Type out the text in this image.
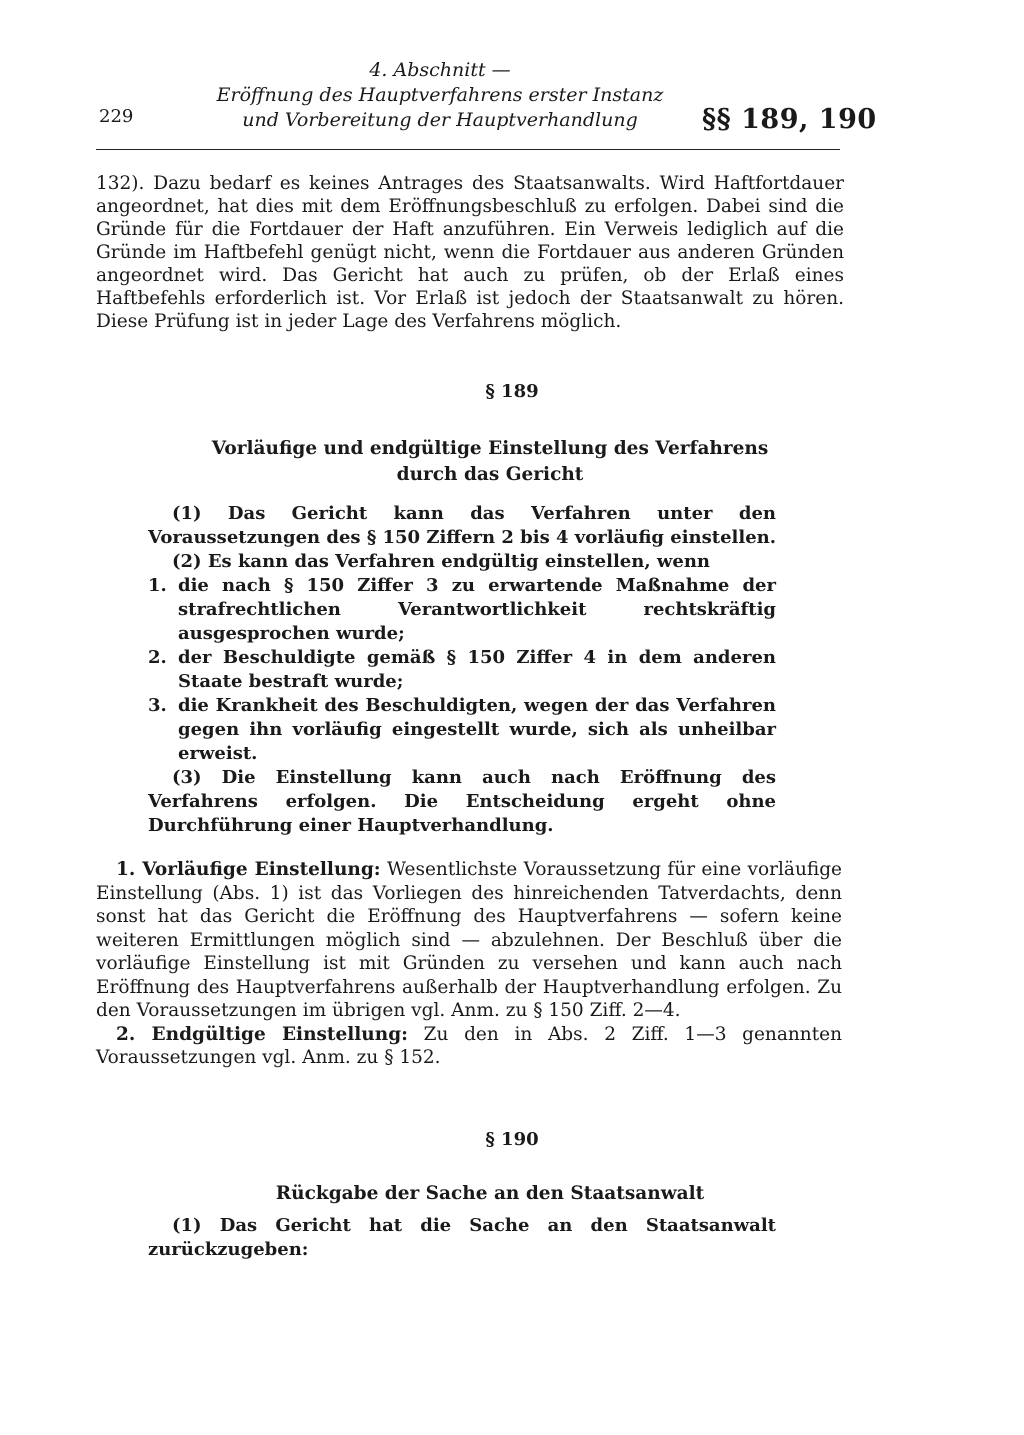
4. Abschnitt —
Eröffnung des Hauptverfahrens erster Instanz
und Vorbereitung der Hauptverhandlung
229	§§ 189, 190
132). Dazu bedarf es keines Antrages des Staatsanwalts. Wird Haftfortdauer angeordnet, hat dies mit dem Eröffnungsbeschluß zu erfolgen. Dabei sind die Gründe für die Fortdauer der Haft anzuführen. Ein Verweis lediglich auf die Gründe im Haftbefehl genügt nicht, wenn die Fortdauer aus anderen Gründen angeordnet wird. Das Gericht hat auch zu prüfen, ob der Erlaß eines Haftbefehls erforderlich ist. Vor Erlaß ist jedoch der Staatsanwalt zu hören. Diese Prüfung ist in jeder Lage des Verfahrens möglich.
§ 189
Vorläufige und endgültige Einstellung des Verfahrens
durch das Gericht

(1) Das Gericht kann das Verfahren unter den Voraussetzungen des § 150 Ziffern 2 bis 4 vorläufig einstellen.

(2) Es kann das Verfahren endgültig einstellen, wenn

1. die nach § 150 Ziffer 3 zu erwartende Maßnahme der strafrechtlichen Verantwortlichkeit rechtskräftig ausgesprochen wurde;
2. der Beschuldigte gemäß § 150 Ziffer 4 in dem anderen Staate bestraft wurde;
3. die Krankheit des Beschuldigten, wegen der das Verfahren gegen ihn vorläufig eingestellt wurde, sich als unheilbar erweist.

(3) Die Einstellung kann auch nach Eröffnung des Verfahrens erfolgen. Die Entscheidung ergeht ohne Durchführung einer Hauptverhandlung.

1. Vorläufige Einstellung: Wesentlichste Voraussetzung für eine vorläufige Einstellung (Abs. 1) ist das Vorliegen des hinreichenden Tatverdachts, denn sonst hat das Gericht die Eröffnung des Hauptverfahrens — sofern keine weiteren Ermittlungen möglich sind — abzulehnen. Der Beschluß über die vorläufige Einstellung ist mit Gründen zu versehen und kann auch nach Eröffnung des Hauptverfahrens außerhalb der Hauptverhandlung erfolgen. Zu den Voraussetzungen im übrigen vgl. Anm. zu § 150 Ziff. 2—4.

2. Endgültige Einstellung: Zu den in Abs. 2 Ziff. 1—3 genannten Voraussetzungen vgl. Anm. zu § 152.

§ 190
Rückgabe der Sache an den Staatsanwalt

(1) Das Gericht hat die Sache an den Staatsanwalt zurückzugeben:
